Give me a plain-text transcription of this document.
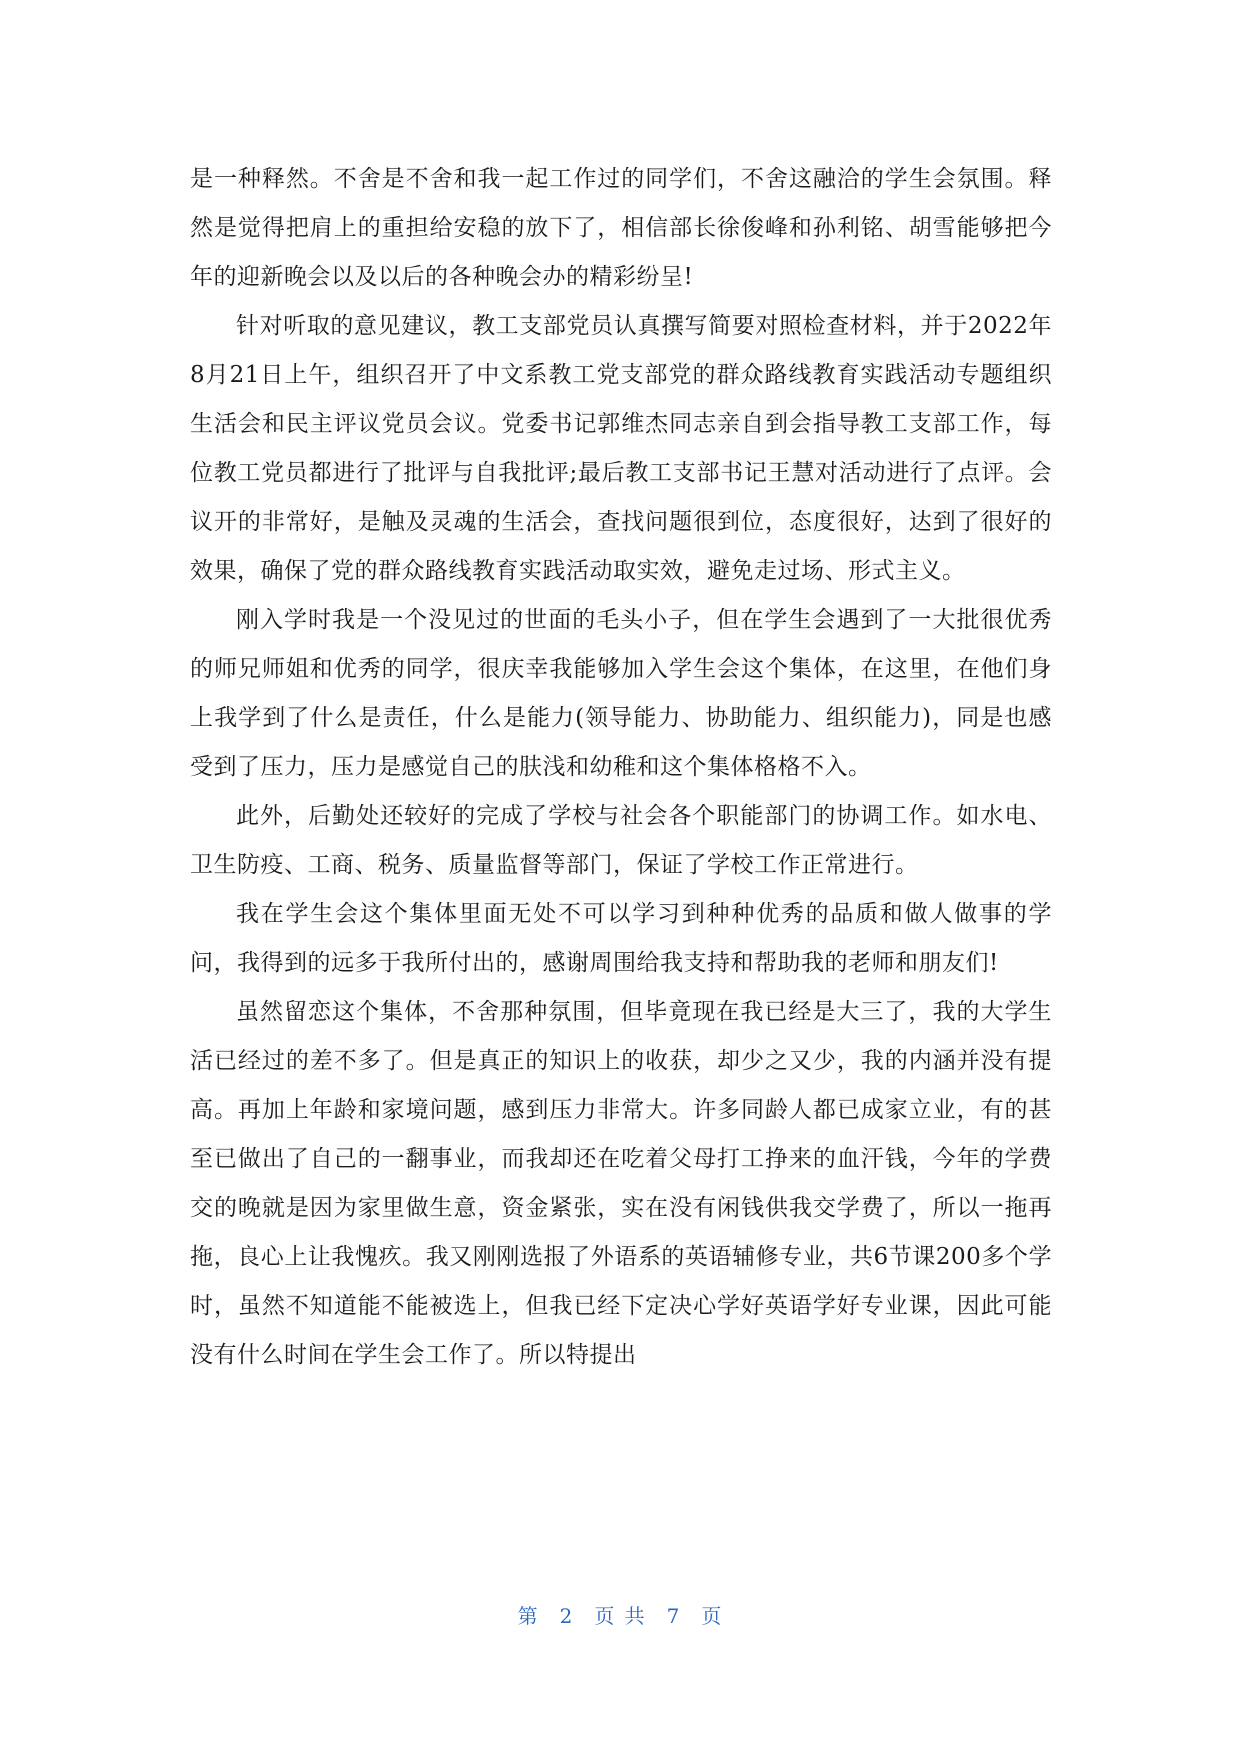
是一种释然。不舍是不舍和我一起工作过的同学们，不舍这融洽的学生会氛围。释然是觉得把肩上的重担给安稳的放下了，相信部长徐俊峰和孙利铭、胡雪能够把今年的迎新晚会以及以后的各种晚会办的精彩纷呈!

针对听取的意见建议，教工支部党员认真撰写简要对照检查材料，并于2022年8月21日上午，组织召开了中文系教工党支部党的群众路线教育实践活动专题组织生活会和民主评议党员会议。党委书记郭维杰同志亲自到会指导教工支部工作，每位教工党员都进行了批评与自我批评;最后教工支部书记王慧对活动进行了点评。会议开的非常好，是触及灵魂的生活会，查找问题很到位，态度很好，达到了很好的效果，确保了党的群众路线教育实践活动取实效，避免走过场、形式主义。

刚入学时我是一个没见过的世面的毛头小子，但在学生会遇到了一大批很优秀的师兄师姐和优秀的同学，很庆幸我能够加入学生会这个集体，在这里，在他们身上我学到了什么是责任，什么是能力(领导能力、协助能力、组织能力)，同是也感受到了压力，压力是感觉自己的肤浅和幼稚和这个集体格格不入。

此外，后勤处还较好的完成了学校与社会各个职能部门的协调工作。如水电、卫生防疫、工商、税务、质量监督等部门，保证了学校工作正常进行。

我在学生会这个集体里面无处不可以学习到种种优秀的品质和做人做事的学问，我得到的远多于我所付出的，感谢周围给我支持和帮助我的老师和朋友们!

虽然留恋这个集体，不舍那种氛围，但毕竟现在我已经是大三了，我的大学生活已经过的差不多了。但是真正的知识上的收获，却少之又少，我的内涵并没有提高。再加上年龄和家境问题，感到压力非常大。许多同龄人都已成家立业，有的甚至已做出了自己的一翻事业，而我却还在吃着父母打工挣来的血汗钱，今年的学费交的晚就是因为家里做生意，资金紧张，实在没有闲钱供我交学费了，所以一拖再拖，良心上让我愧疚。我又刚刚选报了外语系的英语辅修专业，共6节课200多个学时，虽然不知道能不能被选上，但我已经下定决心学好英语学好专业课，因此可能没有什么时间在学生会工作了。所以特提出

第 2 页 共 7 页
